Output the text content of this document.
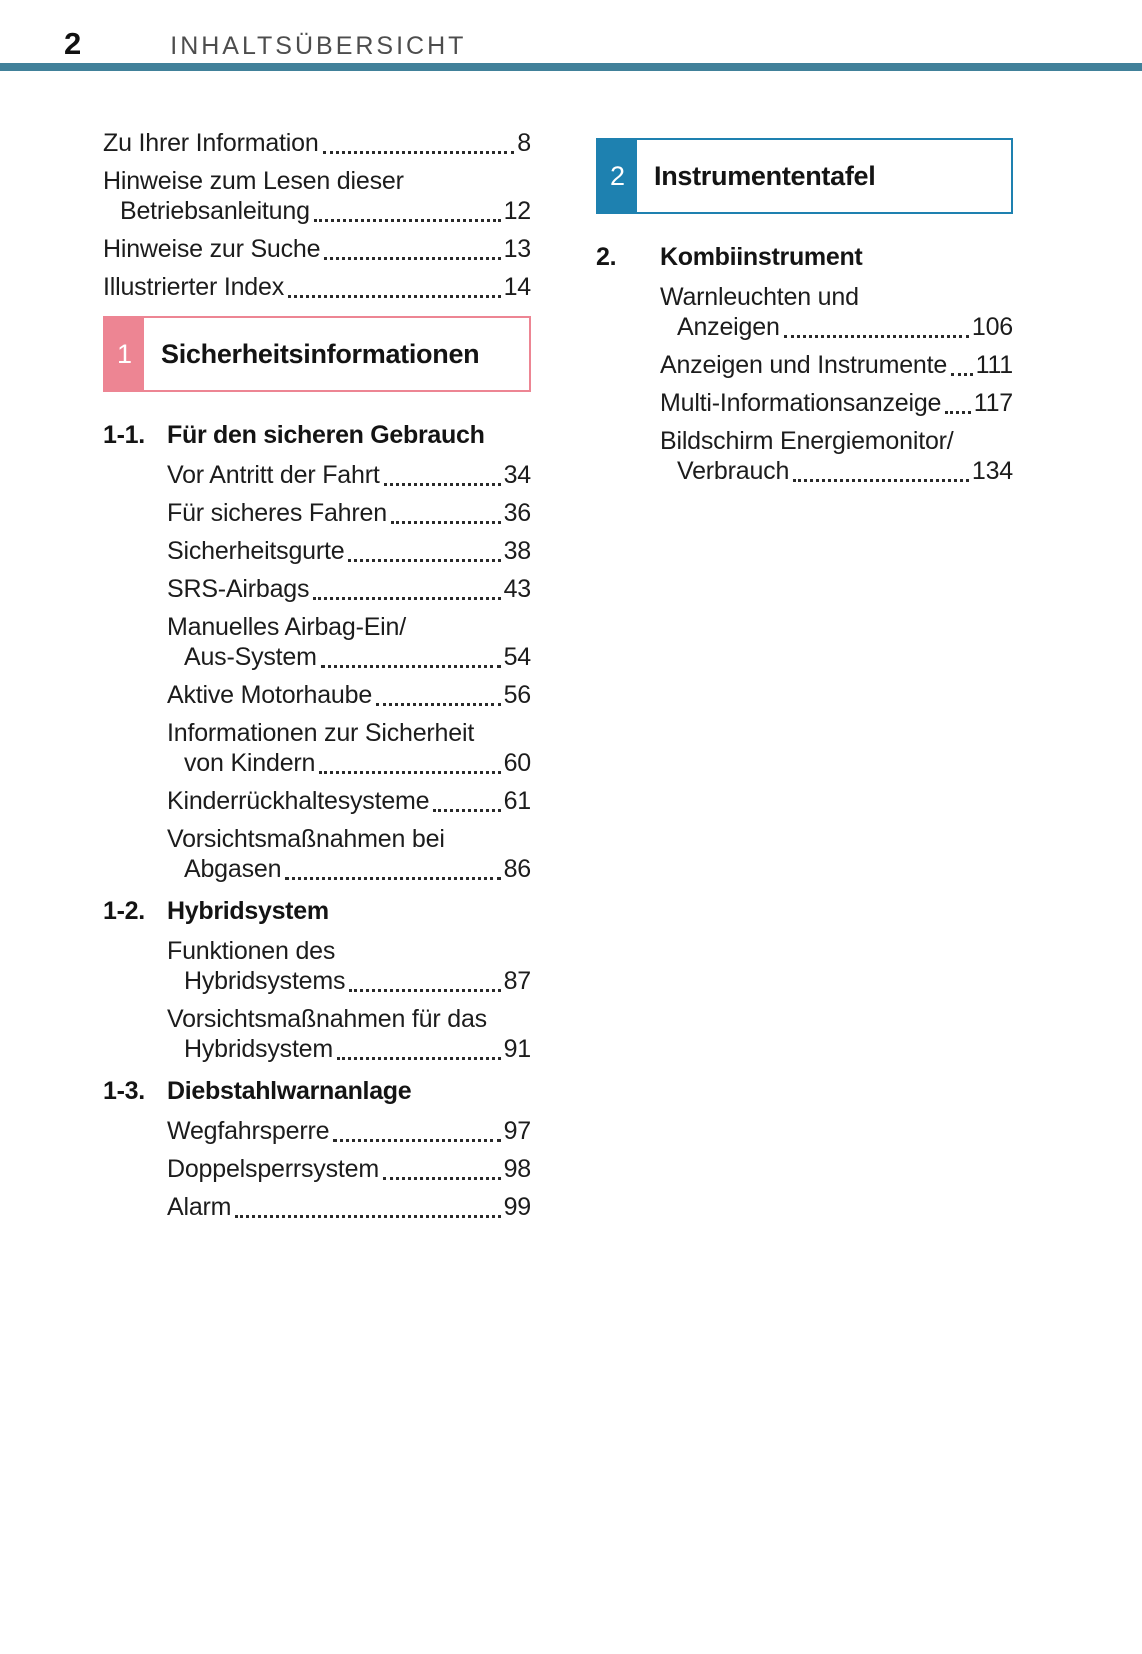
2	INHALTSÜBERSICHT
Zu Ihrer Information	8
Hinweise zum Lesen dieser
Betriebsanleitung	12
Hinweise zur Suche	13
Illustrierter Index	14
1	Sicherheitsinformationen
1-1. Für den sicheren Gebrauch
Vor Antritt der Fahrt	34
Für sicheres Fahren	36
Sicherheitsgurte	38
SRS-Airbags	43
Manuelles Airbag-Ein/
Aus-System	54
Aktive Motorhaube	56
Informationen zur Sicherheit
von Kindern	60
Kinderrückhaltesysteme	61
Vorsichtsmaßnahmen bei
Abgasen	86
1-2. Hybridsystem
Funktionen des
Hybridsystems	87
Vorsichtsmaßnahmen für das
Hybridsystem	91
1-3. Diebstahlwarnanlage
Wegfahrsperre	97
Doppelsperrsystem	98
Alarm	99
2	Instrumententafel
2.	Kombiinstrument
Warnleuchten und
Anzeigen	106
Anzeigen und Instrumente 111
Multi-Informationsanzeige 117
Bildschirm Energiemonitor/
Verbrauch	134
